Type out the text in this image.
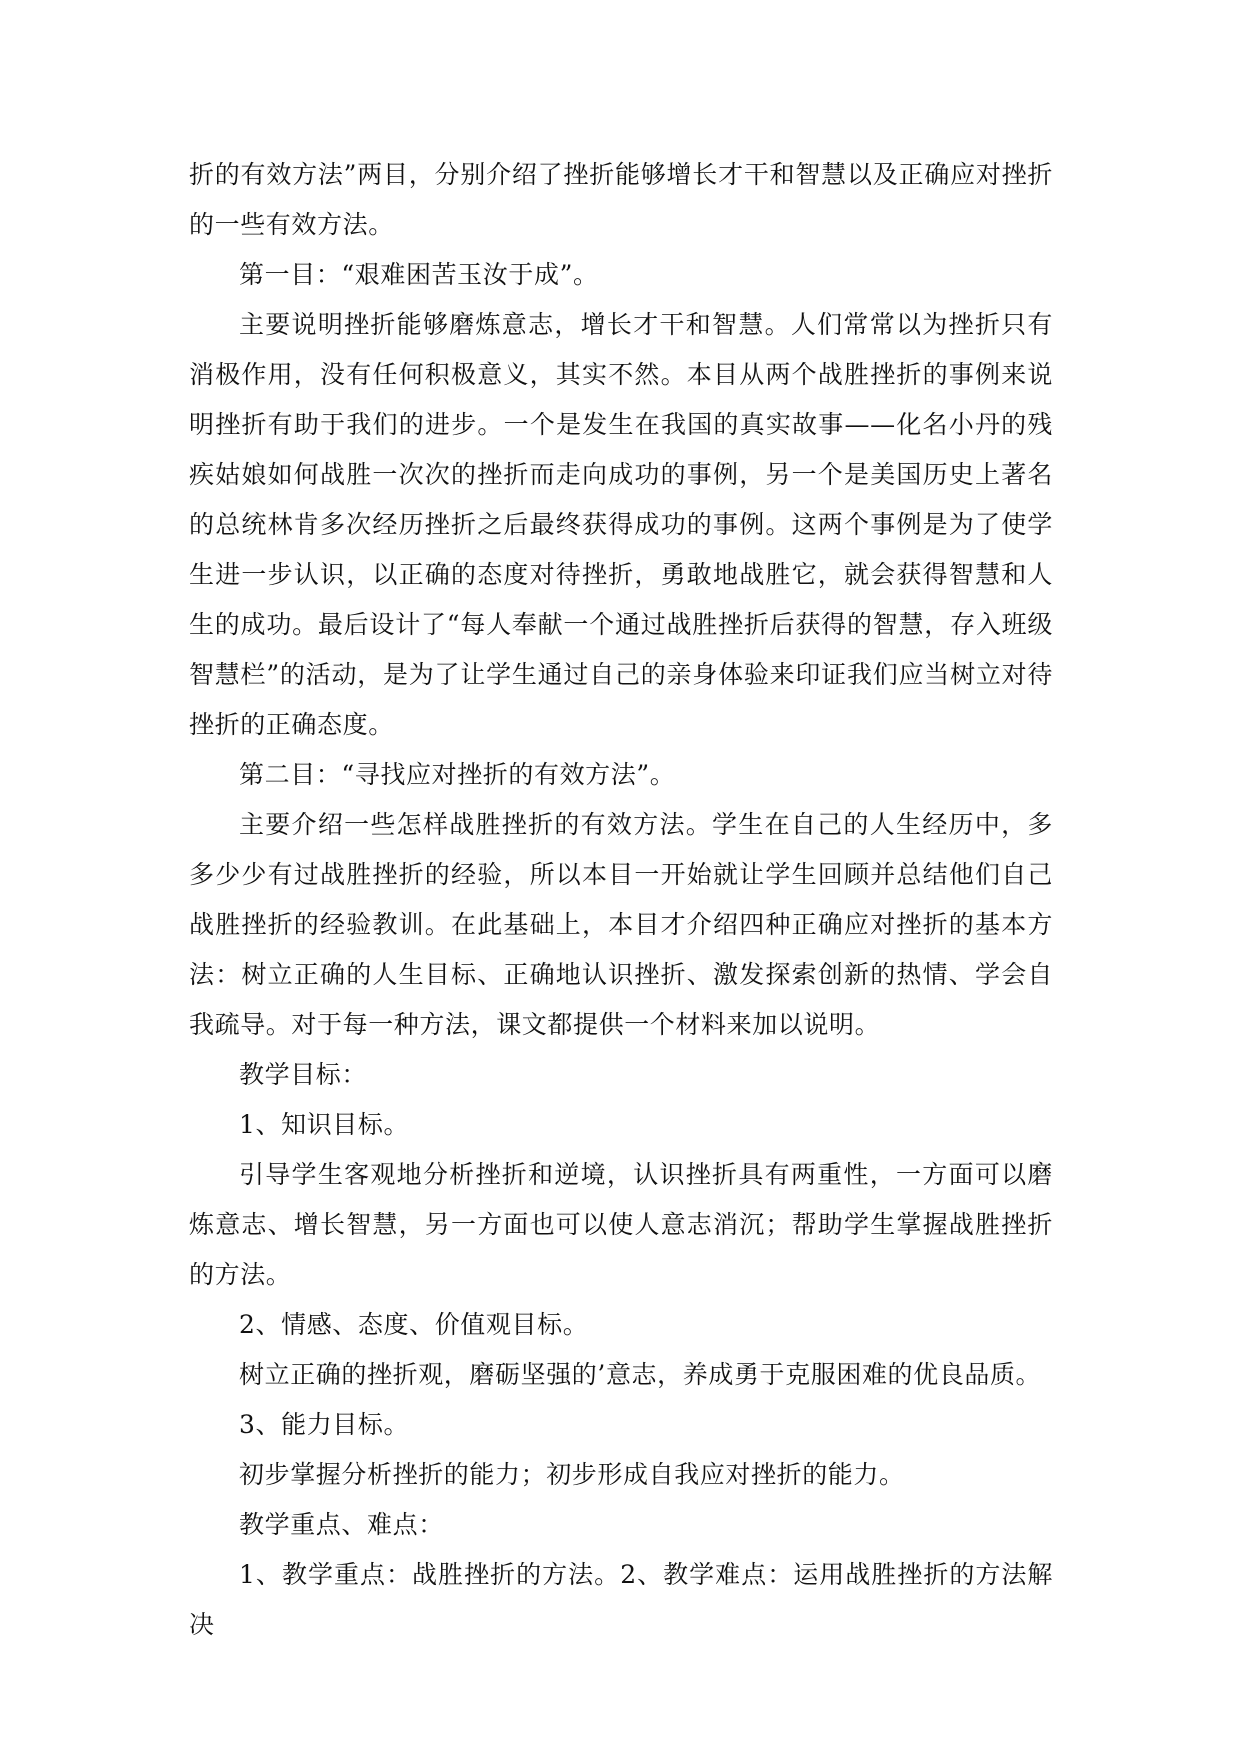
折的有效方法”两目，分别介绍了挫折能够增长才干和智慧以及正确应对挫折的一些有效方法。

第一目：“艰难困苦玉汝于成”。

主要说明挫折能够磨炼意志，增长才干和智慧。人们常常以为挫折只有消极作用，没有任何积极意义，其实不然。本目从两个战胜挫折的事例来说明挫折有助于我们的进步。一个是发生在我国的真实故事——化名小丹的残疾姑娘如何战胜一次次的挫折而走向成功的事例，另一个是美国历史上著名的总统林肯多次经历挫折之后最终获得成功的事例。这两个事例是为了使学生进一步认识，以正确的态度对待挫折，勇敢地战胜它，就会获得智慧和人生的成功。最后设计了“每人奉献一个通过战胜挫折后获得的智慧，存入班级智慧栏”的活动，是为了让学生通过自己的亲身体验来印证我们应当树立对待挫折的正确态度。

第二目：“寻找应对挫折的有效方法”。

主要介绍一些怎样战胜挫折的有效方法。学生在自己的人生经历中，多多少少有过战胜挫折的经验，所以本目一开始就让学生回顾并总结他们自己战胜挫折的经验教训。在此基础上，本目才介绍四种正确应对挫折的基本方法：树立正确的人生目标、正确地认识挫折、激发探索创新的热情、学会自我疏导。对于每一种方法，课文都提供一个材料来加以说明。

教学目标：

1、知识目标。

引导学生客观地分析挫折和逆境，认识挫折具有两重性，一方面可以磨炼意志、增长智慧，另一方面也可以使人意志消沉；帮助学生掌握战胜挫折的方法。

2、情感、态度、价值观目标。

树立正确的挫折观，磨砺坚强的’意志，养成勇于克服困难的优良品质。

3、能力目标。

初步掌握分析挫折的能力；初步形成自我应对挫折的能力。

教学重点、难点：

1、教学重点：战胜挫折的方法。2、教学难点：运用战胜挫折的方法解决
